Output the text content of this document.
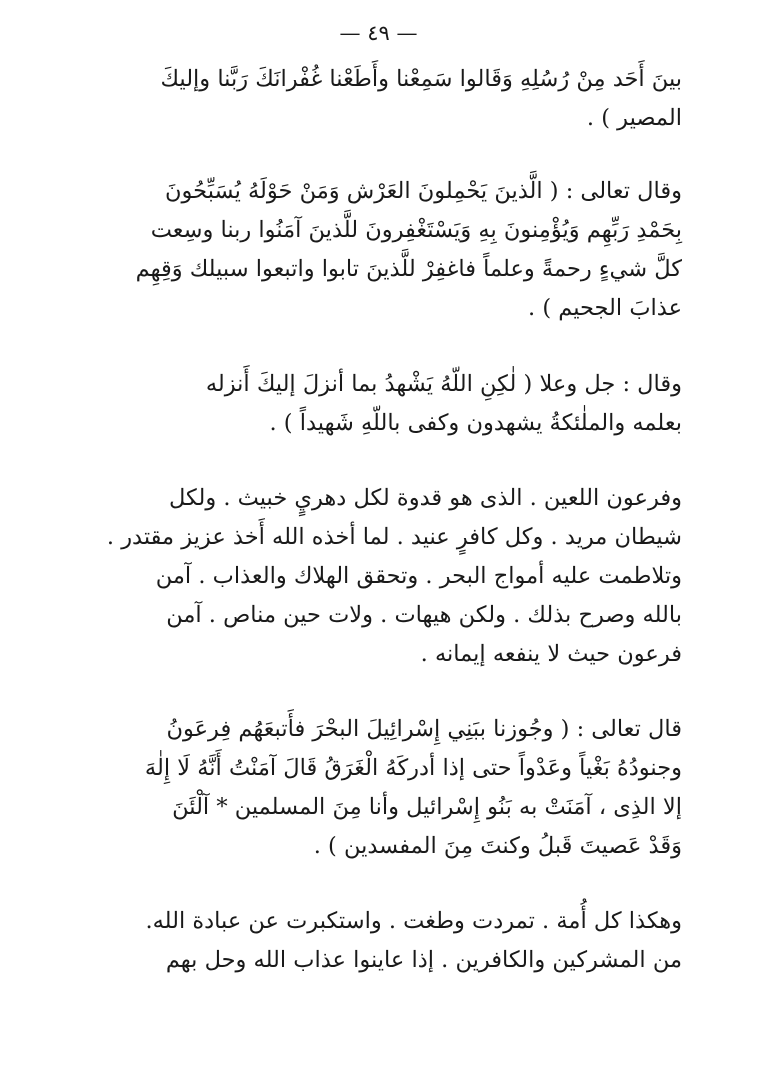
— ٤٩ —

بينَ أَحَد مِنْ رُسُلِهِ وَقَالوا سَمِعْنا وأَطَعْنا غُفْرانَكَ رَبَّنا وإليكَ
المصير ) .

وقال تعالى : ( الَّذينَ يَحْمِلونَ العَرْش وَمَنْ حَوْلَهُ يُسَبِّحُونَ
بِحَمْدِ رَبِّهِم وَيُؤْمِنونَ بِهِ وَيَسْتَغْفِرونَ للَّذينَ آمَنُوا ربنا وسِعت
كلَّ شيءٍ رحمةً وعلماً فاغفِرْ للَّذينَ تابوا واتبعوا سبيلك وَقِهِم
عذابَ الجحيم ) .

وقال : جل وعلا ( لٰكِنِ اللّهُ يَشْهدُ بما أنزلَ إليكَ أَنزله
بعلمه والملٰئكةُ يشهدون وكفى باللّهِ شَهيداً ) .

وفرعون اللعين . الذى هو قدوة لكل دهريٍ خبيث . ولكل
شيطان مريد . وكل كافرٍ عنيد . لما أخذه الله أَخذ عزيز مقتدر .
وتلاطمت عليه أمواج البحر . وتحقق الهلاك والعذاب . آمن
بالله وصرح بذلك . ولكن هيهات . ولات حين مناص . آمن
فرعون حيث لا ينفعه إيمانه .

قال تعالى : ( وجُوزنا ببَنِي إِسْرائِيلَ البحْرَ فأَتبعَهُم فِرعَونُ
وجنودُهُ بَغْياً وعَدْواً حتى إذا أدركَهُ الْغَرَقُ قَالَ آمَنْتُ أَنَّهُ لَا إِلٰهَ
إلا الذِى ، آمَنَتْ به بَنُو إِسْرائيل وأنا مِنَ المسلمين * آلْئَنَ
وَقَدْ عَصيتَ قَبلُ وكنتَ مِنَ المفسدين ) .

وهكذا كل أُمة . تمردت وطغت . واستكبرت عن عبادة الله.
من المشركين والكافرين . إذا عاينوا عذاب الله وحل بهم
